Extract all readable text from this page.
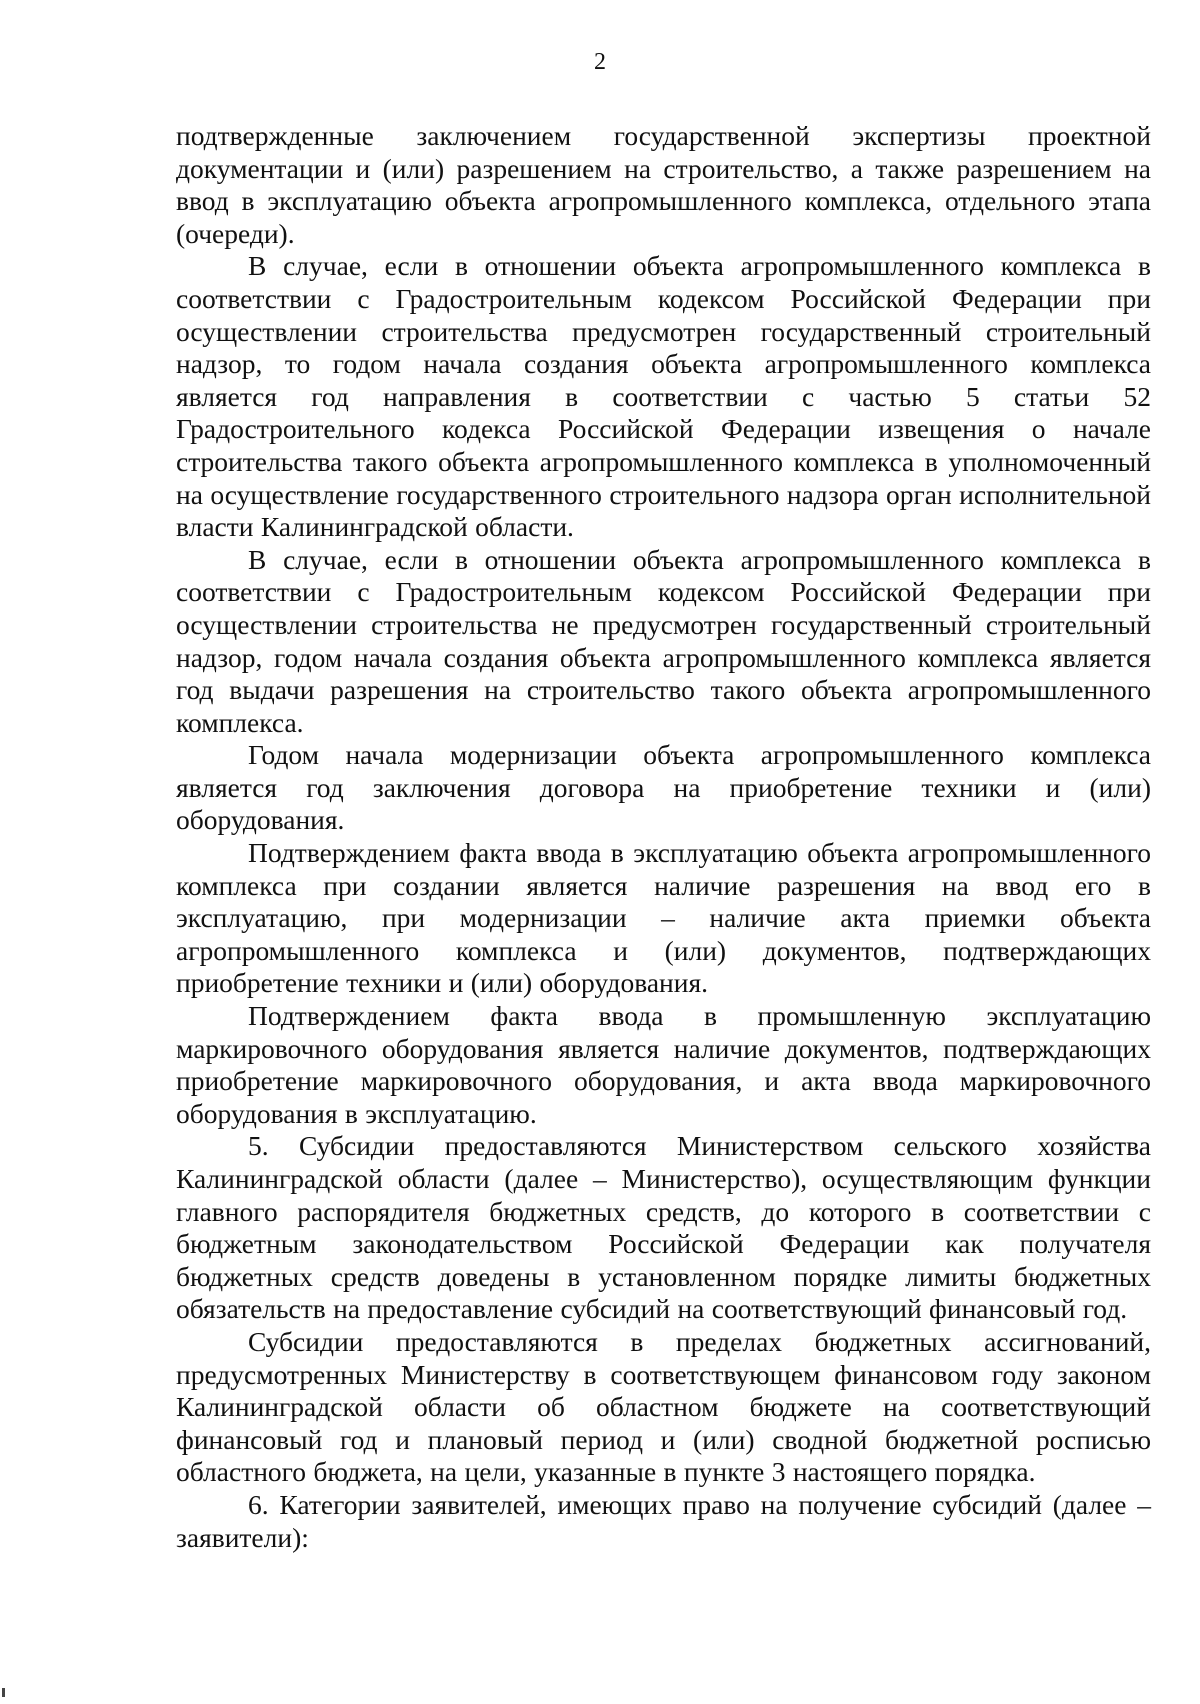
2

подтвержденные заключением государственной экспертизы проектной документации и (или) разрешением на строительство, а также разрешением на ввод в эксплуатацию объекта агропромышленного комплекса, отдельного этапа (очереди).

В случае, если в отношении объекта агропромышленного комплекса в соответствии с Градостроительным кодексом Российской Федерации при осуществлении строительства предусмотрен государственный строительный надзор, то годом начала создания объекта агропромышленного комплекса является год направления в соответствии с частью 5 статьи 52 Градостроительного кодекса Российской Федерации извещения о начале строительства такого объекта агропромышленного комплекса в уполномоченный на осуществление государственного строительного надзора орган исполнительной власти Калининградской области.

В случае, если в отношении объекта агропромышленного комплекса в соответствии с Градостроительным кодексом Российской Федерации при осуществлении строительства не предусмотрен государственный строительный надзор, годом начала создания объекта агропромышленного комплекса является год выдачи разрешения на строительство такого объекта агропромышленного комплекса.

Годом начала модернизации объекта агропромышленного комплекса является год заключения договора на приобретение техники и (или) оборудования.

Подтверждением факта ввода в эксплуатацию объекта агропромышленного комплекса при создании является наличие разрешения на ввод его в эксплуатацию, при модернизации – наличие акта приемки объекта агропромышленного комплекса и (или) документов, подтверждающих приобретение техники и (или) оборудования.

Подтверждением факта ввода в промышленную эксплуатацию маркировочного оборудования является наличие документов, подтверждающих приобретение маркировочного оборудования, и акта ввода маркировочного оборудования в эксплуатацию.

5. Субсидии предоставляются Министерством сельского хозяйства Калининградской области (далее – Министерство), осуществляющим функции главного распорядителя бюджетных средств, до которого в соответствии с бюджетным законодательством Российской Федерации как получателя бюджетных средств доведены в установленном порядке лимиты бюджетных обязательств на предоставление субсидий на соответствующий финансовый год.

Субсидии предоставляются в пределах бюджетных ассигнований, предусмотренных Министерству в соответствующем финансовом году законом Калининградской области об областном бюджете на соответствующий финансовый год и плановый период и (или) сводной бюджетной росписью областного бюджета, на цели, указанные в пункте 3 настоящего порядка.

6. Категории заявителей, имеющих право на получение субсидий (далее – заявители):
